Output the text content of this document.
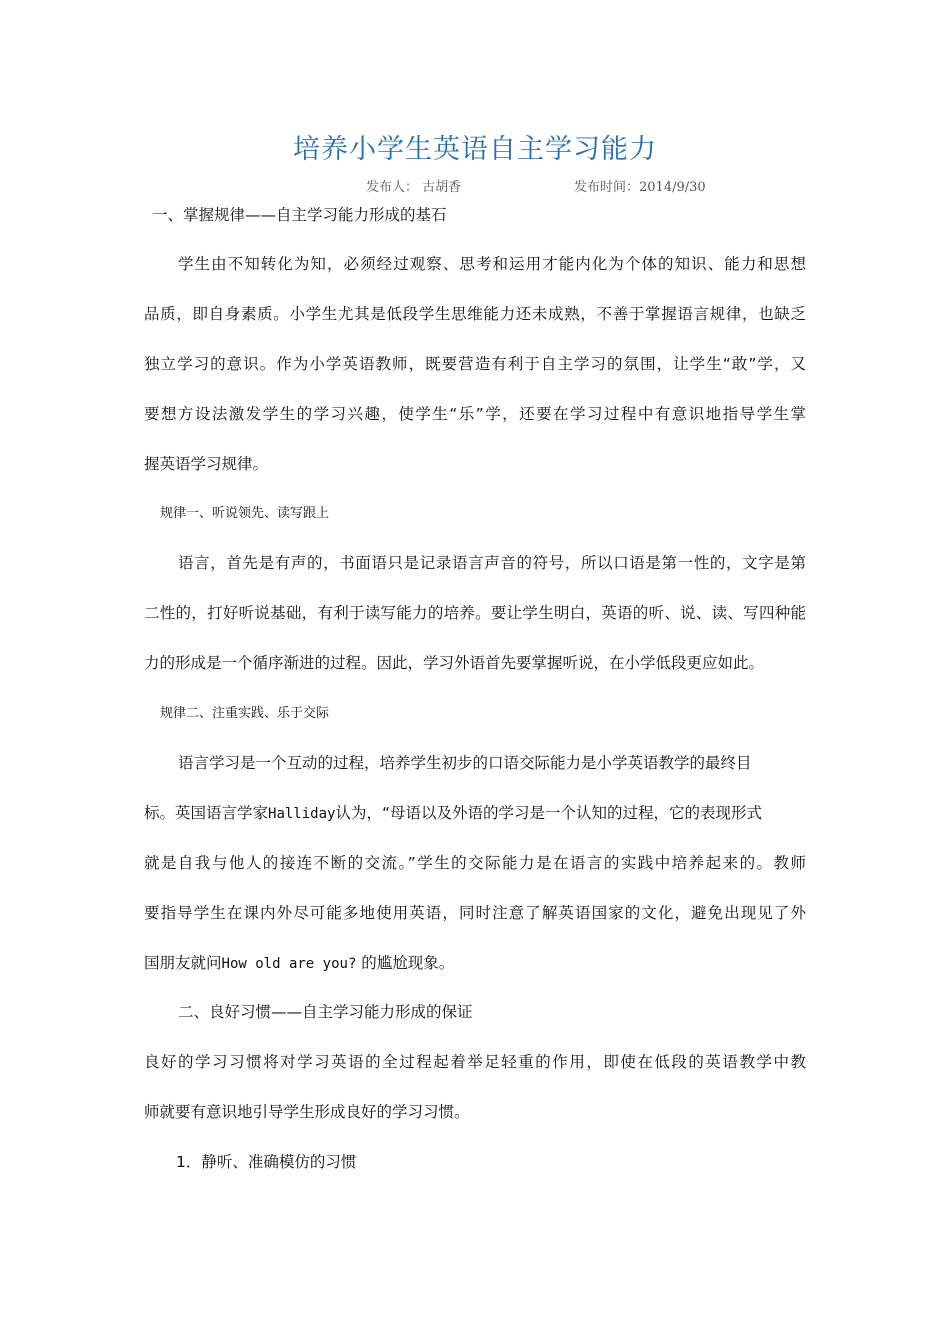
培养小学生英语自主学习能力
发布人： 古胡香	发布时间：2014/9/30
一、掌握规律——自主学习能力形成的基石
学生由不知转化为知，必须经过观察、思考和运用才能内化为个体的知识、能力和思想
品质，即自身素质。小学生尤其是低段学生思维能力还未成熟，不善于掌握语言规律，也缺乏
独立学习的意识。作为小学英语教师，既要营造有利于自主学习的氛围，让学生“敢”学，又
要想方设法激发学生的学习兴趣，使学生“乐”学，还要在学习过程中有意识地指导学生掌
握英语学习规律。
规律一、听说领先、读写跟上
语言，首先是有声的，书面语只是记录语言声音的符号，所以口语是第一性的，文字是第
二性的，打好听说基础，有利于读写能力的培养。要让学生明白，英语的听、说、读、写四种能
力的形成是一个循序渐进的过程。因此，学习外语首先要掌握听说，在小学低段更应如此。
规律二、注重实践、乐于交际
语言学习是一个互动的过程，培养学生初步的口语交际能力是小学英语教学的最终目
标。英国语言学家Halliday认为，“母语以及外语的学习是一个认知的过程，它的表现形式
就是自我与他人的接连不断的交流。”学生的交际能力是在语言的实践中培养起来的。教师
要指导学生在课内外尽可能多地使用英语，同时注意了解英语国家的文化，避免出现见了外
国朋友就问How old are you? 的尴尬现象。
二、良好习惯——自主学习能力形成的保证
良好的学习习惯将对学习英语的全过程起着举足轻重的作用，即使在低段的英语教学中教
师就要有意识地引导学生形成良好的学习习惯。
1．静听、准确模仿的习惯
